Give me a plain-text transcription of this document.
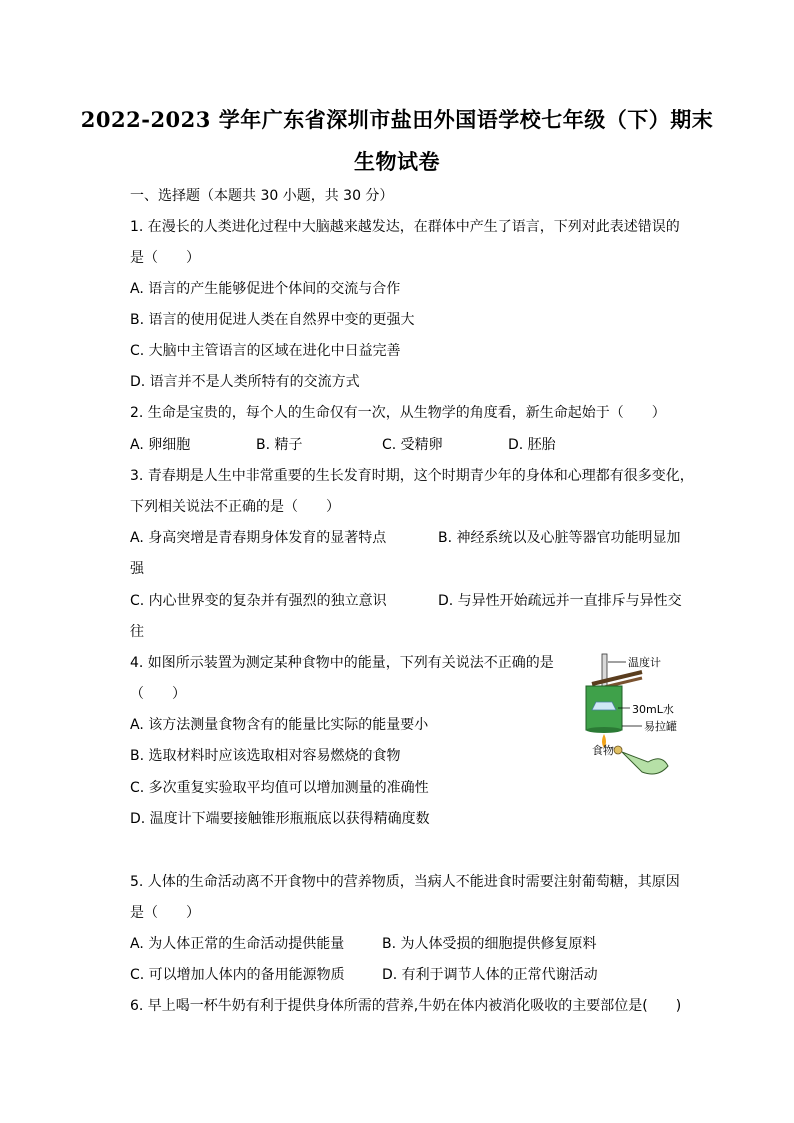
2022-2023 学年广东省深圳市盐田外国语学校七年级（下）期末
生物试卷
一、选择题（本题共 30 小题，共 30 分）
1. 在漫长的人类进化过程中大脑越来越发达，在群体中产生了语言，下列对此表述错误的
是（　　）
A. 语言的产生能够促进个体间的交流与合作
B. 语言的使用促进人类在自然界中变的更强大
C. 大脑中主管语言的区域在进化中日益完善
D. 语言并不是人类所特有的交流方式
2. 生命是宝贵的，每个人的生命仅有一次，从生物学的角度看，新生命起始于（　　）
A. 卵细胞	B. 精子	C. 受精卵	D. 胚胎
3. 青春期是人生中非常重要的生长发育时期，这个时期青少年的身体和心理都有很多变化，
下列相关说法不正确的是（　　）
A. 身高突增是青春期身体发育的显著特点	B. 神经系统以及心脏等器官功能明显加
强
C. 内心世界变的复杂并有强烈的独立意识	D. 与异性开始疏远并一直排斥与异性交
往
4. 如图所示装置为测定某种食物中的能量，下列有关说法不正确的是
（　　）
A. 该方法测量食物含有的能量比实际的能量要小
B. 选取材料时应该选取相对容易燃烧的食物
C. 多次重复实验取平均值可以增加测量的准确性
D. 温度计下端要接触锥形瓶瓶底以获得精确度数
温度计
30mL水
易拉罐
食物
5. 人体的生命活动离不开食物中的营养物质，当病人不能进食时需要注射葡萄糖，其原因
是（　　）
A. 为人体正常的生命活动提供能量	B. 为人体受损的细胞提供修复原料
C. 可以增加人体内的备用能源物质	D. 有利于调节人体的正常代谢活动
6. 早上喝一杯牛奶有利于提供身体所需的营养,牛奶在体内被消化吸收的主要部位是(　　)
